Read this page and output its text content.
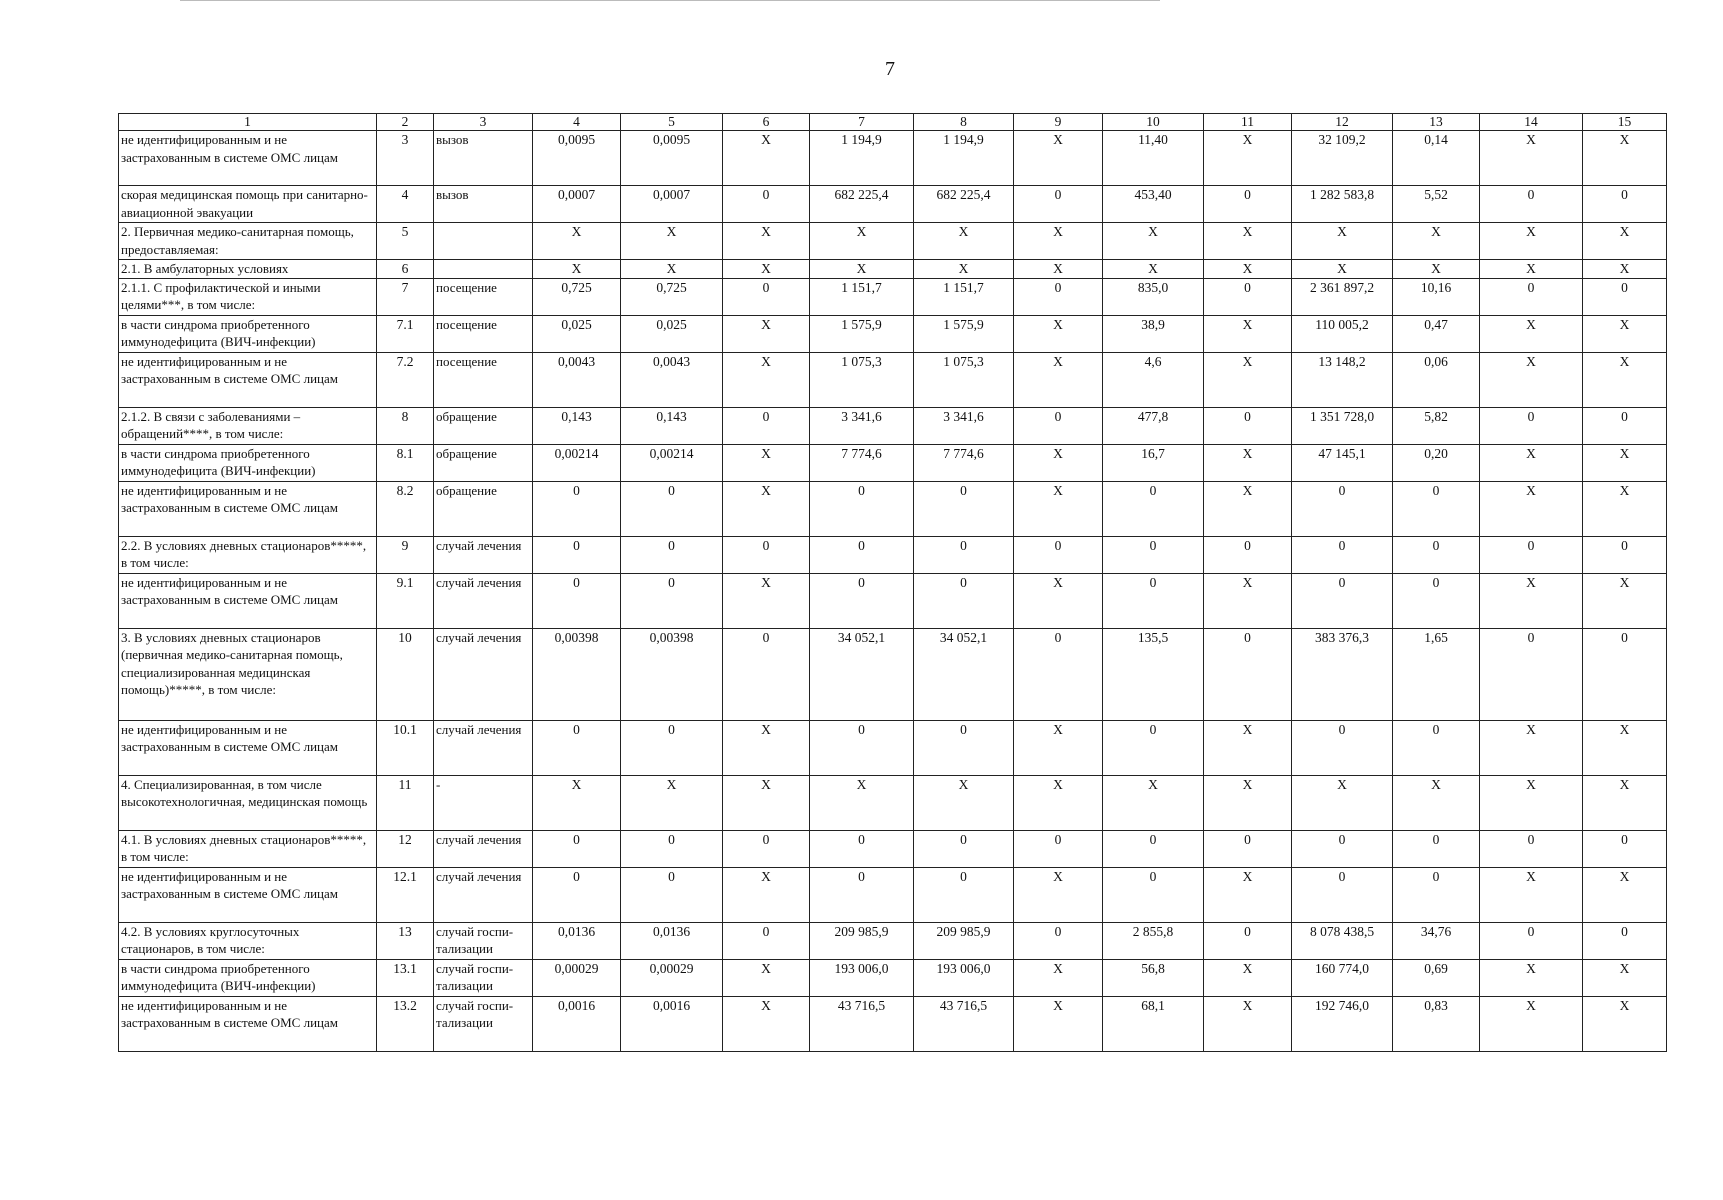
7
1	2	3	4	5	6	7	8	9	10	11	12	13	14	15
не идентифицированным и не застрахованным в системе ОМС лицам	3	вызов	0,0095	0,0095	X	1 194,9	1 194,9	X	11,40	X	32 109,2	0,14	X	X
скорая медицинская помощь при санитарно-авиационной эвакуации	4	вызов	0,0007	0,0007	0	682 225,4	682 225,4	0	453,40	0	1 282 583,8	5,52	0	0
2. Первичная медико-санитарная помощь, предоставляемая:	5		X	X	X	X	X	X	X	X	X	X	X	X
2.1. В амбулаторных условиях	6		X	X	X	X	X	X	X	X	X	X	X	X
2.1.1. С профилактической и иными целями***, в том числе:	7	посещение	0,725	0,725	0	1 151,7	1 151,7	0	835,0	0	2 361 897,2	10,16	0	0
в части синдрома приобретенного иммунодефицита (ВИЧ-инфекции)	7.1	посещение	0,025	0,025	X	1 575,9	1 575,9	X	38,9	X	110 005,2	0,47	X	X
не идентифицированным и не застрахованным в системе ОМС лицам	7.2	посещение	0,0043	0,0043	X	1 075,3	1 075,3	X	4,6	X	13 148,2	0,06	X	X
2.1.2. В связи с заболеваниями – обращений****, в том числе:	8	обращение	0,143	0,143	0	3 341,6	3 341,6	0	477,8	0	1 351 728,0	5,82	0	0
в части синдрома приобретенного иммунодефицита (ВИЧ-инфекции)	8.1	обращение	0,00214	0,00214	X	7 774,6	7 774,6	X	16,7	X	47 145,1	0,20	X	X
не идентифицированным и не застрахованным в системе ОМС лицам	8.2	обращение	0	0	X	0	0	X	0	X	0	0	X	X
2.2. В условиях дневных стационаров*****, в том числе:	9	случай лечения	0	0	0	0	0	0	0	0	0	0	0	0
не идентифицированным и не застрахованным в системе ОМС лицам	9.1	случай лечения	0	0	X	0	0	X	0	X	0	0	X	X
3. В условиях дневных стационаров (первичная медико-санитарная помощь, специализированная медицинская помощь)*****, в том числе:	10	случай лечения	0,00398	0,00398	0	34 052,1	34 052,1	0	135,5	0	383 376,3	1,65	0	0
не идентифицированным и не застрахованным в системе ОМС лицам	10.1	случай лечения	0	0	X	0	0	X	0	X	0	0	X	X
4. Специализированная, в том числе высокотехнологичная, медицинская помощь	11	-	X	X	X	X	X	X	X	X	X	X	X	X
4.1. В условиях дневных стационаров*****, в том числе:	12	случай лечения	0	0	0	0	0	0	0	0	0	0	0	0
не идентифицированным и не застрахованным в системе ОМС лицам	12.1	случай лечения	0	0	X	0	0	X	0	X	0	0	X	X
4.2. В условиях круглосуточных стационаров, в том числе:	13	случай госпи-тализации	0,0136	0,0136	0	209 985,9	209 985,9	0	2 855,8	0	8 078 438,5	34,76	0	0
в части синдрома приобретенного иммунодефицита (ВИЧ-инфекции)	13.1	случай госпи-тализации	0,00029	0,00029	X	193 006,0	193 006,0	X	56,8	X	160 774,0	0,69	X	X
не идентифицированным и не застрахованным в системе ОМС лицам	13.2	случай госпи-тализации	0,0016	0,0016	X	43 716,5	43 716,5	X	68,1	X	192 746,0	0,83	X	X
